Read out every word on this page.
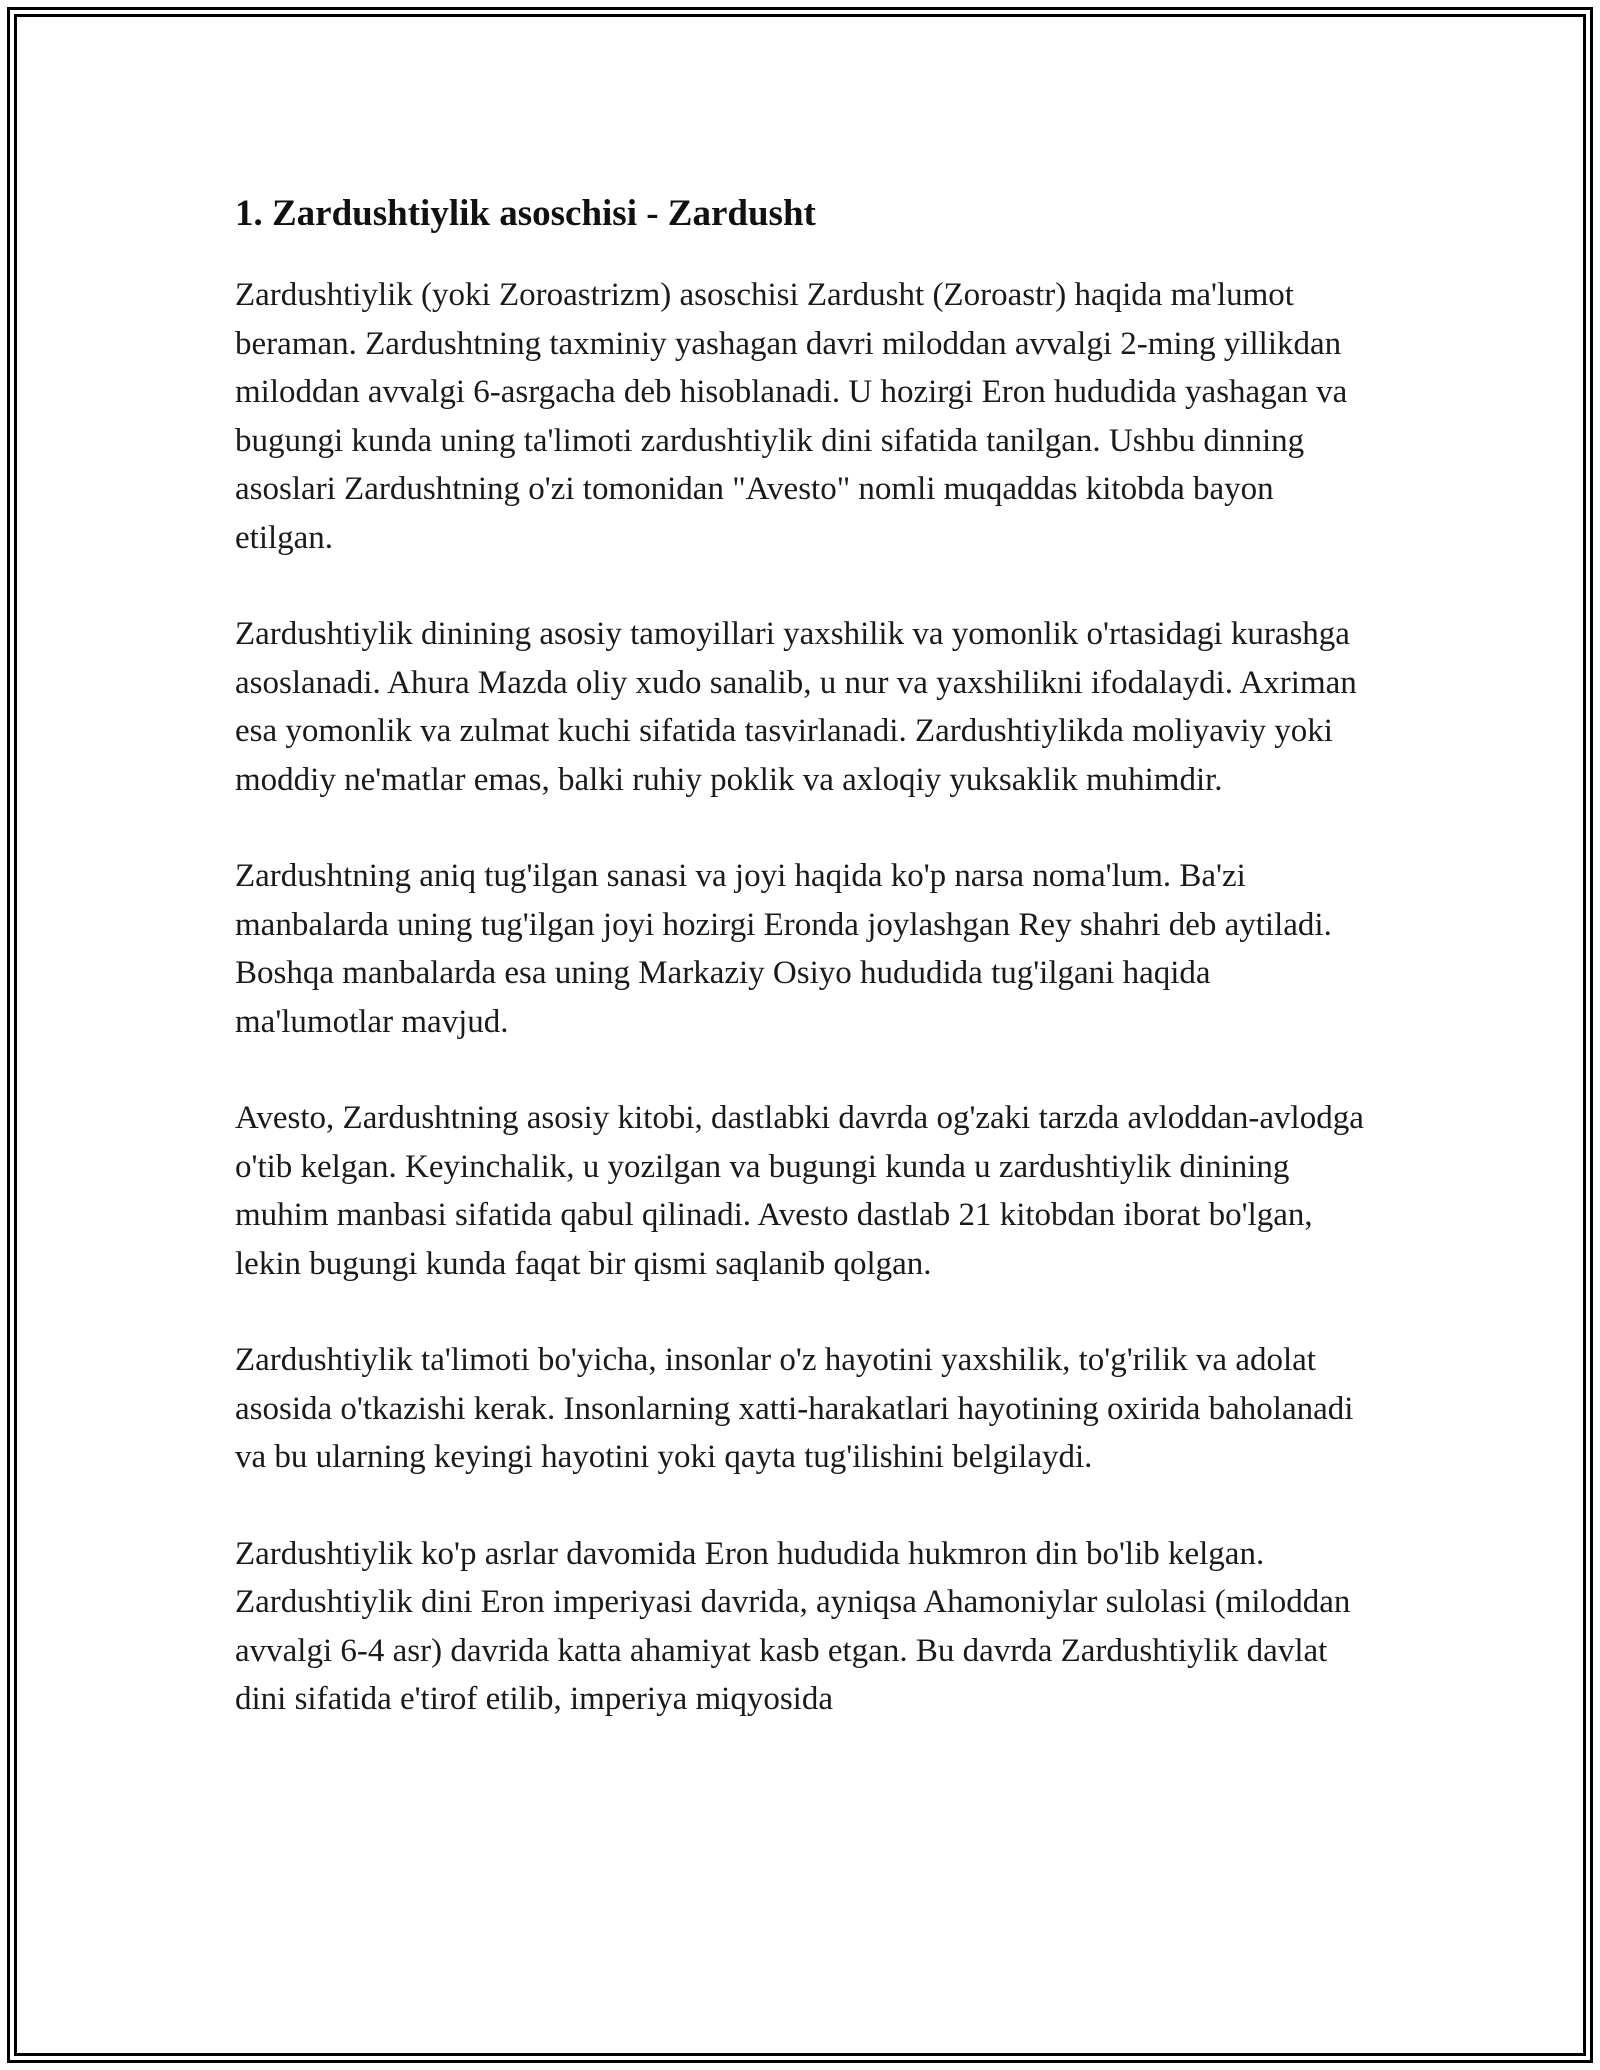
1. Zardushtiylik asoschisi - Zardusht

Zardushtiylik (yoki Zoroastrizm) asoschisi Zardusht (Zoroastr) haqida ma'lumot beraman. Zardushtning taxminiy yashagan davri miloddan avvalgi 2-ming yillikdan miloddan avvalgi 6-asrgacha deb hisoblanadi. U hozirgi Eron hududida yashagan va bugungi kunda uning ta'limoti zardushtiylik dini sifatida tanilgan. Ushbu dinning asoslari Zardushtning o'zi tomonidan "Avesto" nomli muqaddas kitobda bayon etilgan.

Zardushtiylik dinining asosiy tamoyillari yaxshilik va yomonlik o'rtasidagi kurashga asoslanadi. Ahura Mazda oliy xudo sanalib, u nur va yaxshilikni ifodalaydi. Axriman esa yomonlik va zulmat kuchi sifatida tasvirlanadi. Zardushtiylikda moliyaviy yoki moddiy ne'matlar emas, balki ruhiy poklik va axloqiy yuksaklik muhimdir.

Zardushtning aniq tug'ilgan sanasi va joyi haqida ko'p narsa noma'lum. Ba'zi manbalarda uning tug'ilgan joyi hozirgi Eronda joylashgan Rey shahri deb aytiladi. Boshqa manbalarda esa uning Markaziy Osiyo hududida tug'ilgani haqida ma'lumotlar mavjud.

Avesto, Zardushtning asosiy kitobi, dastlabki davrda og'zaki tarzda avloddan-avlodga o'tib kelgan. Keyinchalik, u yozilgan va bugungi kunda u zardushtiylik dinining muhim manbasi sifatida qabul qilinadi. Avesto dastlab 21 kitobdan iborat bo'lgan, lekin bugungi kunda faqat bir qismi saqlanib qolgan.

Zardushtiylik ta'limoti bo'yicha, insonlar o'z hayotini yaxshilik, to'g'rilik va adolat asosida o'tkazishi kerak. Insonlarning xatti-harakatlari hayotining oxirida baholanadi va bu ularning keyingi hayotini yoki qayta tug'ilishini belgilaydi.

Zardushtiylik ko'p asrlar davomida Eron hududida hukmron din bo'lib kelgan. Zardushtiylik dini Eron imperiyasi davrida, ayniqsa Ahamoniylar sulolasi (miloddan avvalgi 6-4 asr) davrida katta ahamiyat kasb etgan. Bu davrda Zardushtiylik davlat dini sifatida e'tirof etilib, imperiya miqyosida
